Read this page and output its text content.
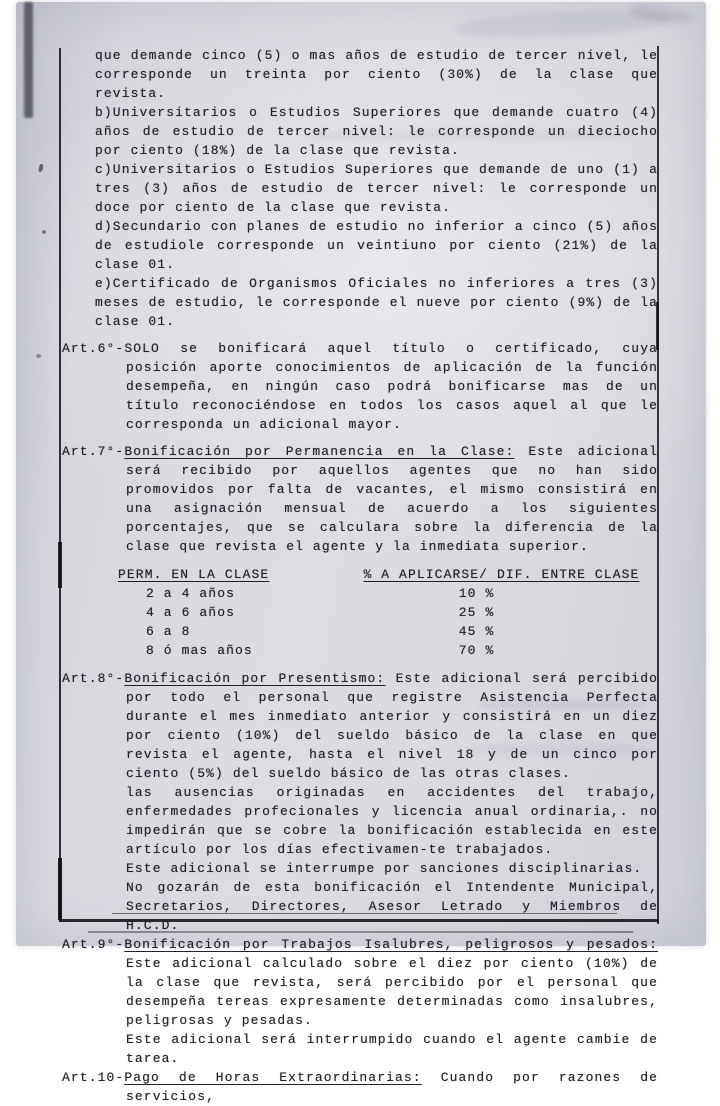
que demande cinco (5) o mas años de estudio de tercer nivel, le corresponde un treinta por ciento (30%) de la clase que revista.

b)Universitarios o Estudios Superiores que demande cuatro (4) años de estudio de tercer nivel: le corresponde un dieciocho por ciento (18%) de la clase que revista.

c)Universitarios o Estudios Superiores que demande de uno (1) a tres (3) años de estudio de tercer nivel: le corresponde un doce por ciento de la clase que revista.

d)Secundario con planes de estudio no inferior a cinco (5) años de estudiole corresponde un veintiuno por ciento (21%) de la clase 01.

e)Certificado de Organismos Oficiales no inferiores a tres (3) meses de estudio, le corresponde el nueve por ciento (9%) de la clase 01.

Art.6°-SOLO se bonificará aquel título o certificado, cuya posición aporte conocimientos de aplicación de la función desempeña, en ningún caso podrá bonificarse mas de un título reconociéndose en todos los casos aquel al que le corresponda un adicional mayor.

Art.7°-Bonificación por Permanencia en la Clase: Este adicional será recibido por aquellos agentes que no han sido promovidos por falta de vacantes, el mismo consistirá en una asignación mensual de acuerdo a los siguientes porcentajes, que se calculara sobre la diferencia de la clase que revista el agente y la inmediata superior.

PERM. EN LA CLASE	% A APLICARSE/ DIF. ENTRE CLASE
2 a 4 años	10 %
4 a 6 años	25 %
6 a 8	45 %
8 ó mas años	70 %

Art.8°-Bonificación por Presentismo: Este adicional será percibido por todo el personal que registre Asistencia Perfecta durante el mes inmediato anterior y consistirá en un diez por ciento (10%) del sueldo básico de la clase en que revista el agente, hasta el nivel 18 y de un cinco por ciento (5%) del sueldo básico de las otras clases.

las ausencias originadas en accidentes del trabajo, enfermedades profecionales y licencia anual ordinaria,. no impedirán que se cobre la bonificación establecida en este artículo por los días efectivamen-te trabajados.

Este adicional se interrumpe por sanciones disciplinarias.

No gozarán de esta bonificación el Intendente Municipal, Secretarios, Directores, Asesor Letrado y Miembros de H.C.D.

Art.9°-Bonificación por Trabajos Isalubres, peligrosos y pesados: Este adicional calculado sobre el diez por ciento (10%) de la clase que revista, será percibido por el personal que desempeña tereas expresamente determinadas como insalubres, peligrosas y pesadas.

Este adicional será interrumpido cuando el agente cambie de tarea.

Art.10-Pago de Horas Extraordinarias: Cuando por razones de servicios,
